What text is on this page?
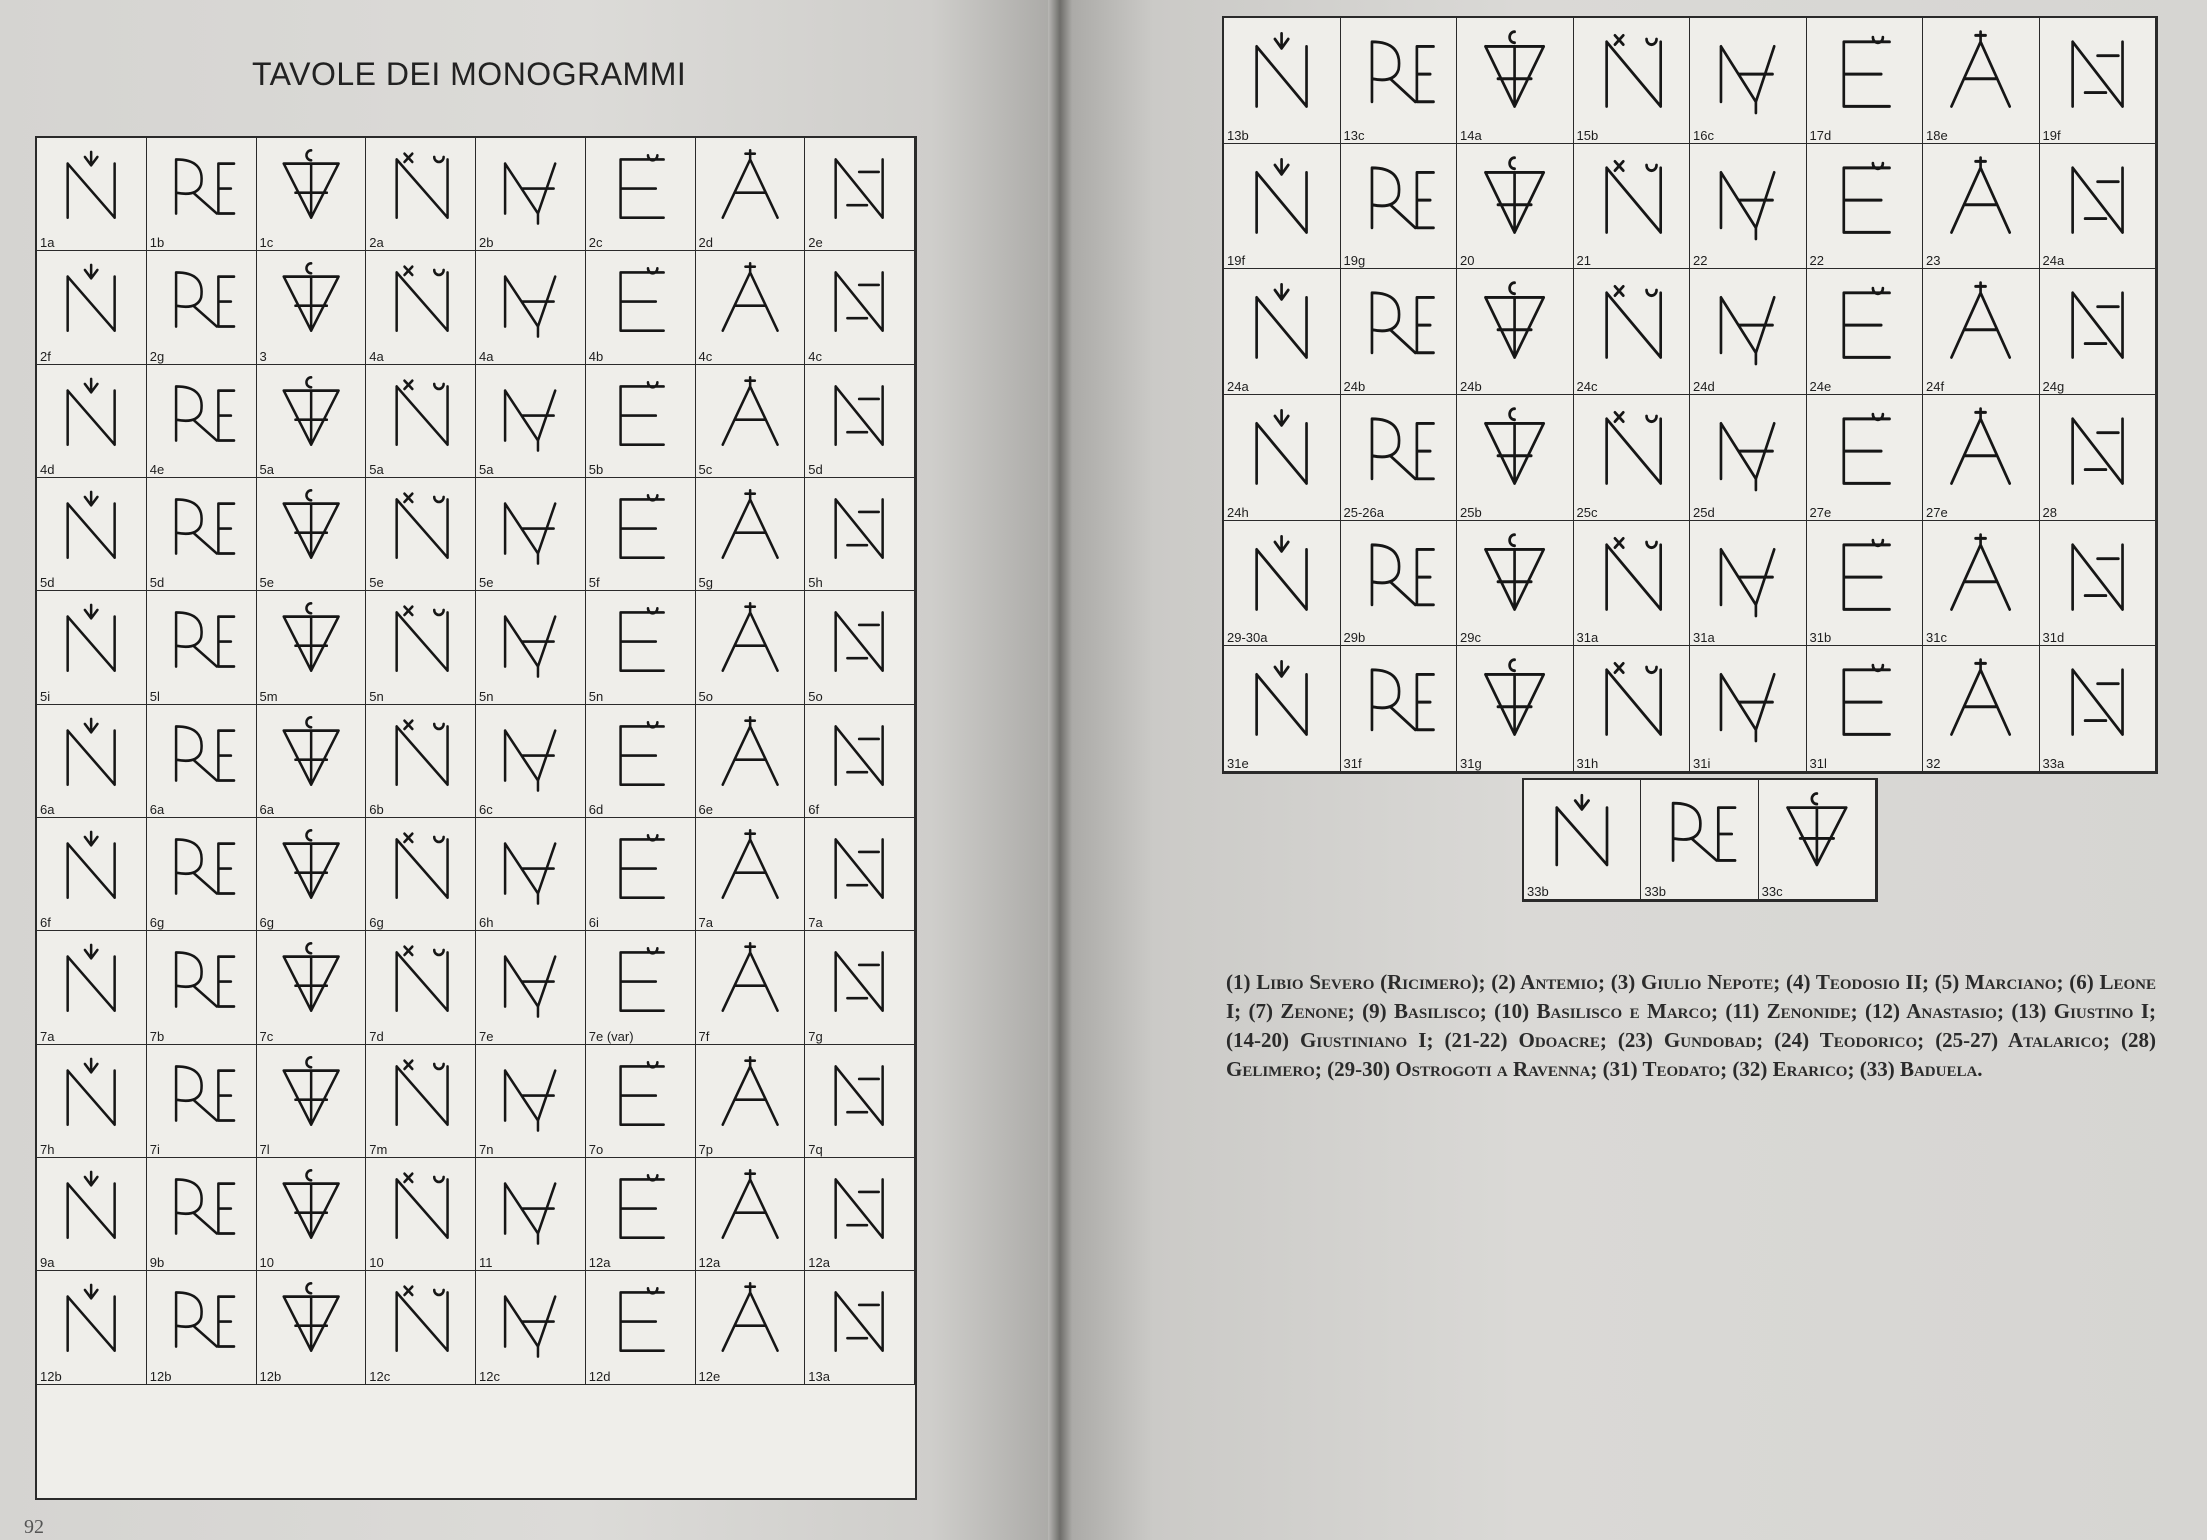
TAVOLE DEI MONOGRAMMI
1a	1b	1c	2a	2b	2c	2d	2e
2f	2g	3	4a	4a	4b	4c	4c
4d	4e	5a	5a	5a	5b	5c	5d
5d	5d	5e	5e	5e	5f	5g	5h
5i	5l	5m	5n	5n	5n	5o	5o
6a	6a	6a	6b	6c	6d	6e	6f
6f	6g	6g	6g	6h	6i	7a	7a
7a	7b	7c	7d	7e	7e (var)	7f	7g
7h	7i	7l	7m	7n	7o	7p	7q
9a	9b	10	10	11	12a	12a	12a
12b	12b	12b	12c	12c	12d	12e	13a
13b	13c	14a	15b	16c	17d	18e	19f
19f	19g	20	21	22	22	23	24a
24a	24b	24b	24c	24d	24e	24f	24g
24h	25-26a	25b	25c	25d	27e	27e	28
29-30a	29b	29c	31a	31a	31b	31c	31d
31e	31f	31g	31h	31i	31l	32	33a
33b	33b	33c
(1) Libio Severo (Ricimero); (2) Antemio; (3) Giulio Nepote; (4) Teodosio II; (5) Marciano; (6) Leone I; (7) Zenone; (9) Basilisco; (10) Basilisco e Marco; (11) Zenonide; (12) Anastasio; (13) Giustino I; (14-20) Giustiniano I; (21-22) Odoacre; (23) Gundobad; (24) Teodorico; (25-27) Atalarico; (28) Gelimero; (29-30) Ostrogoti a Ravenna; (31) Teodato; (32) Erarico; (33) Baduela.
92
